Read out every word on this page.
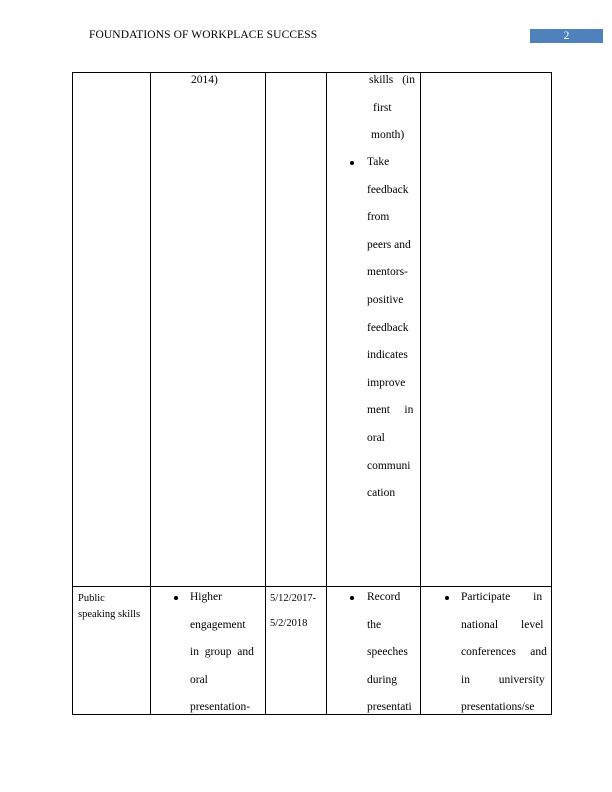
FOUNDATIONS OF WORKPLACE SUCCESS	2
2014)	skills (in
first
month)
Take
feedback
from
peers and
mentors-
positive
feedback
indicates
improve
ment     in
oral
communi
cation
Public
speaking skills
Higher
engagement
in  group  and
oral
presentation-
5/12/2017-
5/2/2018
Record
the
speeches
during
presentati
Participate        in
national        level
conferences     and
in          university
presentations/se
